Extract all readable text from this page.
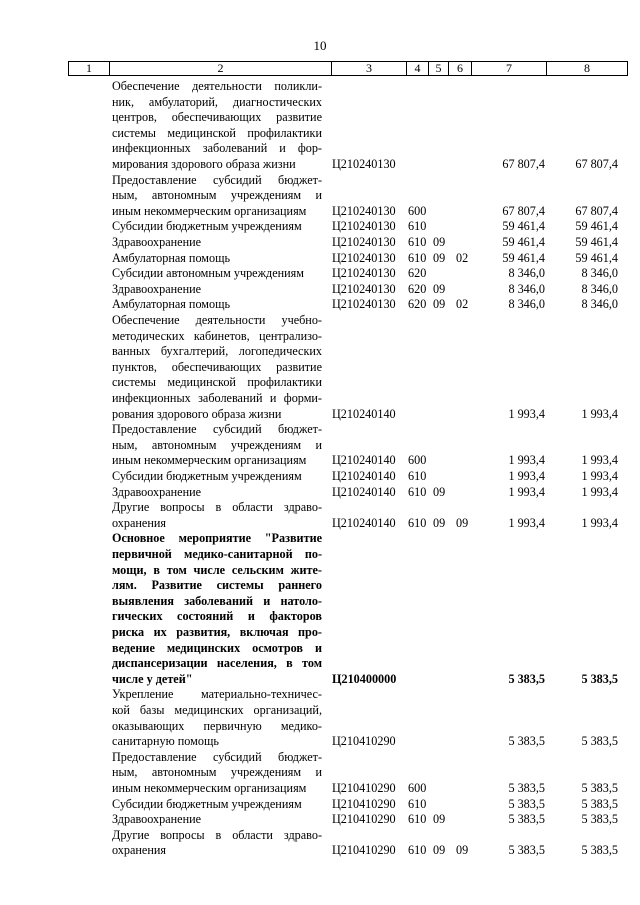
10
1	2	3	4	5	6	7	8
Обеспечение деятельности поликли-
ник, амбулаторий, диагностических
центров, обеспечивающих развитие
системы медицинской профилактики
инфекционных заболеваний и фор-
мирования здорового образа жизни	Ц210240130	67 807,4	67 807,4
Предоставление субсидий бюджет-
ным, автономным учреждениям и
иным некоммерческим организациям	Ц210240130 600	67 807,4	67 807,4
Субсидии бюджетным учреждениям	Ц210240130 610	59 461,4	59 461,4
Здравоохранение	Ц210240130 610 09	59 461,4	59 461,4
Амбулаторная помощь	Ц210240130 610 09 02	59 461,4	59 461,4
Субсидии автономным учреждениям	Ц210240130 620	8 346,0	8 346,0
Здравоохранение	Ц210240130 620 09	8 346,0	8 346,0
Амбулаторная помощь	Ц210240130 620 09 02	8 346,0	8 346,0
Обеспечение деятельности учебно-
методических кабинетов, централизо-
ванных бухгалтерий, логопедических
пунктов, обеспечивающих развитие
системы медицинской профилактики
инфекционных заболеваний и форми-
рования здорового образа жизни	Ц210240140	1 993,4	1 993,4
Предоставление субсидий бюджет-
ным, автономным учреждениям и
иным некоммерческим организациям	Ц210240140 600	1 993,4	1 993,4
Субсидии бюджетным учреждениям	Ц210240140 610	1 993,4	1 993,4
Здравоохранение	Ц210240140 610 09	1 993,4	1 993,4
Другие вопросы в области здраво-
охранения	Ц210240140 610 09 09	1 993,4	1 993,4
Основное мероприятие "Развитие
первичной медико-санитарной по-
мощи, в том числе сельским жите-
лям. Развитие системы раннего
выявления заболеваний и натоло-
гических состояний и факторов
риска их развития, включая про-
ведение медицинских осмотров и
диспансеризации населения, в том
числе у детей"	Ц210400000	5 383,5	5 383,5
Укрепление материально-техничес-
кой базы медицинских организаций,
оказывающих первичную медико-
санитарную помощь	Ц210410290	5 383,5	5 383,5
Предоставление субсидий бюджет-
ным, автономным учреждениям и
иным некоммерческим организациям	Ц210410290 600	5 383,5	5 383,5
Субсидии бюджетным учреждениям	Ц210410290 610	5 383,5	5 383,5
Здравоохранение	Ц210410290 610 09	5 383,5	5 383,5
Другие вопросы в области здраво-
охранения	Ц210410290 610 09 09	5 383,5	5 383,5
